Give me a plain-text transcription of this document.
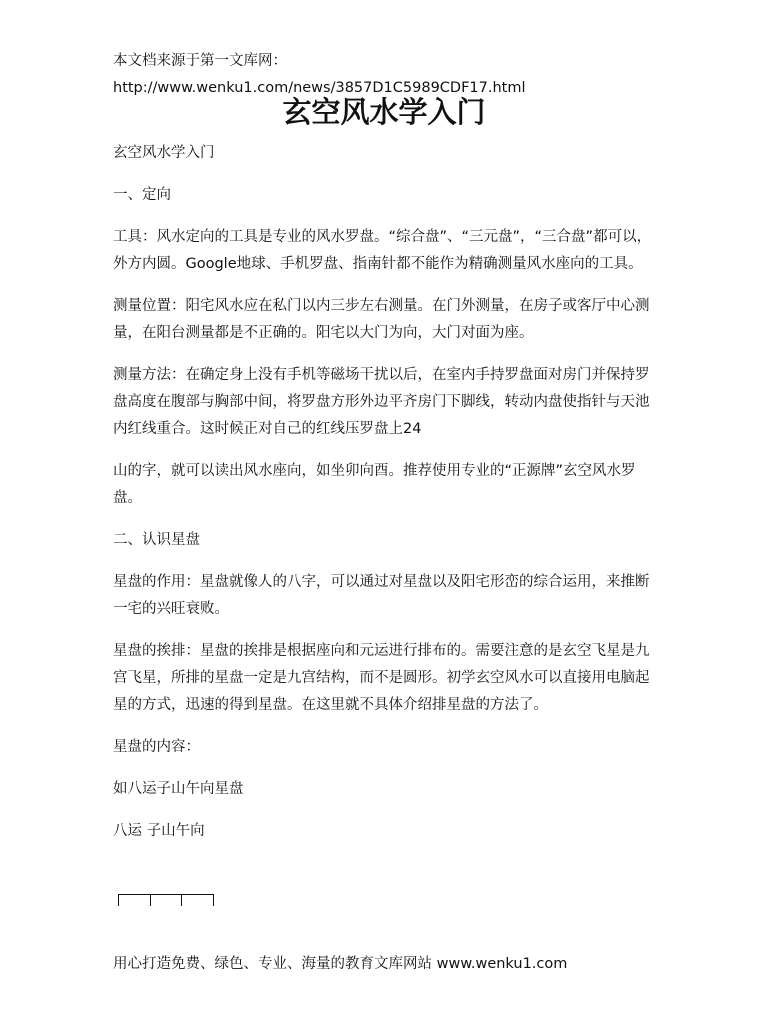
本文档来源于第一文库网：http://www.wenku1.com/news/3857D1C5989CDF17.html

玄空风水学入门

玄空风水学入门

一、定向

工具：风水定向的工具是专业的风水罗盘。“综合盘”、“三元盘”，“三合盘”都可以，外方内圆。Google地球、手机罗盘、指南针都不能作为精确测量风水座向的工具。

测量位置：阳宅风水应在私门以内三步左右测量。在门外测量，在房子或客厅中心测量，在阳台测量都是不正确的。阳宅以大门为向，大门对面为座。

测量方法：在确定身上没有手机等磁场干扰以后，在室内手持罗盘面对房门并保持罗盘高度在腹部与胸部中间，将罗盘方形外边平齐房门下脚线，转动内盘使指针与天池内红线重合。这时候正对自己的红线压罗盘上24

山的字，就可以读出风水座向，如坐卯向酉。推荐使用专业的“正源牌”玄空风水罗盘。

二、认识星盘

星盘的作用：星盘就像人的八字，可以通过对星盘以及阳宅形峦的综合运用，来推断一宅的兴旺衰败。

星盘的挨排：星盘的挨排是根据座向和元运进行排布的。需要注意的是玄空飞星是九宫飞星，所排的星盘一定是九宫结构，而不是圆形。初学玄空风水可以直接用电脑起星的方式，迅速的得到星盘。在这里就不具体介绍排星盘的方法了。

星盘的内容：

如八运子山午向星盘

八运 子山午向

用心打造免费、绿色、专业、海量的教育文库网站 www.wenku1.com
